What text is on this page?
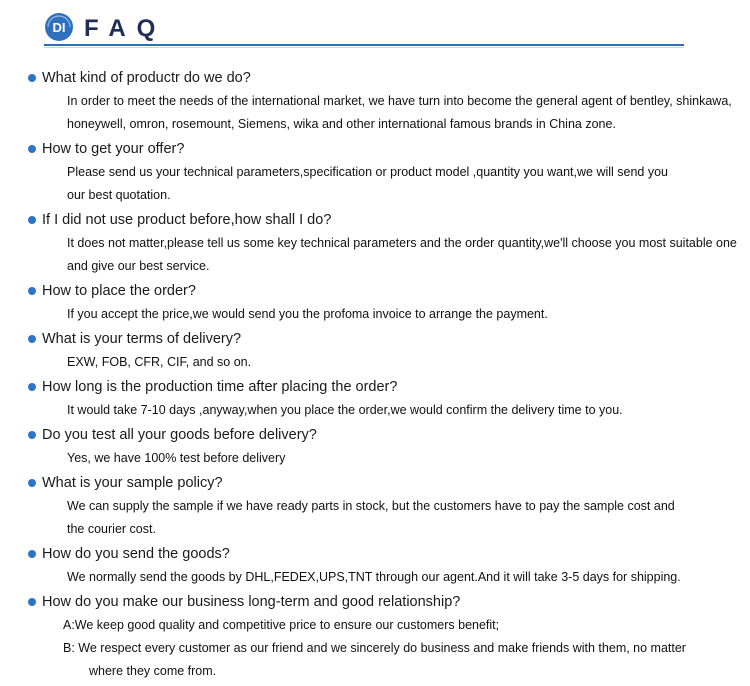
DI FAQ
What kind of productr do we do?
In order to meet the needs of the international market, we have turn into become the general agent of bentley, shinkawa,
honeywell, omron, rosemount, Siemens, wika and other international famous brands in China zone.
How to get your offer?
Please send us your technical parameters,specification or product model ,quantity you want,we will send you
our best quotation.
If I did not use product before,how shall I do?
It does not matter,please tell us some key technical parameters and the order quantity,we'll choose you most suitable one
and give our best service.
How to place the order?
If you accept the price,we would send you the profoma invoice to arrange the payment.
What is your terms of delivery?
EXW, FOB, CFR, CIF, and so on.
How long is the production time after placing the order?
It would take 7-10 days ,anyway,when you place the order,we would confirm the delivery time to you.
Do you test all your goods before delivery?
Yes, we have 100% test before delivery
What is your sample policy?
We can supply the sample if we have ready parts in stock, but the customers have to pay the sample cost and
the courier cost.
How do you send the goods?
We normally send the goods by DHL,FEDEX,UPS,TNT through our agent.And it will take 3-5 days for shipping.
How do you make our business long-term and good relationship?
A:We keep good quality and competitive price to ensure our customers benefit;
B: We respect every customer as our friend and we sincerely do business and make friends with them, no matter
where they come from.
